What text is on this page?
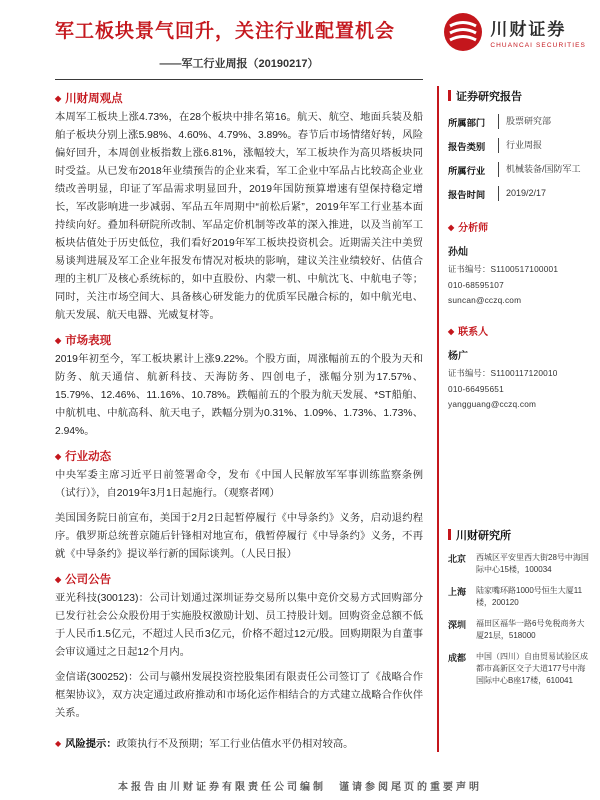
军工板块景气回升，关注行业配置机会	川财证券
CHUANCAI SECURITIES
——军工行业周报（20190217）
◆ 川财周观点

本周军工板块上涨4.73%，在28个板块中排名第16。航天、航空、地面兵装及船舶子板块分别上涨5.98%、4.60%、4.79%、3.89%。春节后市场情绪好转，风险偏好回升，本周创业板指数上涨6.81%，涨幅较大，军工板块作为高贝塔板块同时受益。从已发布2018年业绩预告的企业来看，军工企业中军品占比较高企业业绩改善明显，印证了军品需求明显回升，2019年国防预算增速有望保持稳定增长，军改影响进一步减弱、军品五年周期中“前松后紧”，2019年军工行业基本面持续向好。叠加科研院所改制、军品定价机制等改革的深入推进，以及当前军工板块估值处于历史低位，我们看好2019年军工板块投资机会。近期需关注中美贸易谈判进展及军工企业年报发布情况对板块的影响，建议关注业绩较好、估值合理的主机厂及核心系统标的，如中直股份、内蒙一机、中航沈飞、中航电子等；同时，关注市场空间大、具备核心研发能力的优质军民融合标的，如中航光电、航天发展、航天电器、光威复材等。

◆ 市场表现

2019年初至今，军工板块累计上涨9.22%。个股方面，周涨幅前五的个股为天和防务、航天通信、航新科技、天海防务、四创电子，涨幅分别为17.57%、15.79%、12.46%、11.16%、10.78%。跌幅前五的个股为航天发展、*ST船舶、中航机电、中航高科、航天电子，跌幅分别为0.31%、1.09%、1.73%、1.73%、2.94%。

◆ 行业动态

中央军委主席习近平日前签署命令，发布《中国人民解放军军事训练监察条例（试行）》，自2019年3月1日起施行。（观察者网）

美国国务院日前宣布，美国于2月2日起暂停履行《中导条约》义务，启动退约程序。俄罗斯总统普京随后针锋相对地宣布，俄暂停履行《中导条约》义务，不再就《中导条约》提议举行新的国际谈判。（人民日报）

◆ 公司公告

亚光科技(300123)：公司计划通过深圳证券交易所以集中竞价交易方式回购部分已发行社会公众股份用于实施股权激励计划、员工持股计划。回购资金总额不低于人民币1.5亿元，不超过人民币3亿元，价格不超过12元/股。回购期限为自董事会审议通过之日起12个月内。

金信诺(300252)：公司与赣州发展投资控股集团有限责任公司签订了《战略合作框架协议》，双方决定通过政府推动和市场化运作相结合的方式建立战略合作伙伴关系。

◆ 风险提示：政策执行不及预期；军工行业估值水平仍相对较高。
证券研究报告
所属部门	股票研究部
报告类别	行业周报
所属行业	机械装备/国防军工
报告时间	2019/2/17
◆ 分析师
孙灿
证书编号：S1100517100001
010-68595107
suncan@cczq.com
◆ 联系人
杨广
证书编号：S1100117120010
010-66495651
yangguang@cczq.com
川财研究所
北京	西城区平安里西大街28号中海国际中心15楼，100034
上海	陆家嘴环路1000号恒生大厦11楼，200120
深圳	福田区福华一路6号免税商务大厦21层，518000
成都	中国（四川）自由贸易试验区成都市高新区交子大道177号中海国际中心B座17楼，610041
本报告由川财证券有限责任公司编制　谨请参阅尾页的重要声明
